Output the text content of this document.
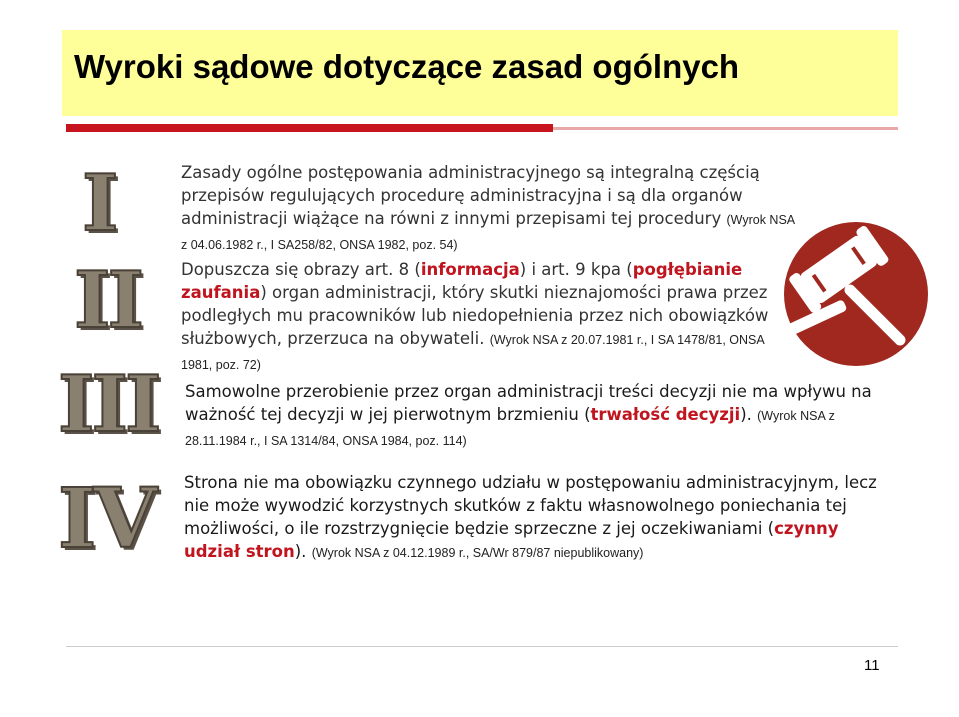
Wyroki sądowe dotyczące zasad ogólnych
I
II
III
IV
Zasady ogólne postępowania administracyjnego są integralną częścią przepisów regulujących procedurę administracyjna i są dla organów administracji wiążące na równi z innymi przepisami tej procedury (Wyrok NSA z 04.06.1982 r., I SA258/82, ONSA 1982, poz. 54)
Dopuszcza się obrazy art. 8 (informacja) i art. 9 kpa (pogłębianie zaufania) organ administracji, który skutki nieznajomości prawa przez podległych mu pracowników lub niedopełnienia przez nich obowiązków służbowych, przerzuca na obywateli. (Wyrok NSA z 20.07.1981 r., I SA 1478/81, ONSA 1981, poz. 72)
Samowolne przerobienie przez organ administracji treści decyzji nie ma wpływu na ważność tej decyzji w jej pierwotnym brzmieniu (trwałość decyzji). (Wyrok NSA z 28.11.1984 r., I SA 1314/84, ONSA 1984, poz. 114)
Strona nie ma obowiązku czynnego udziału w postępowaniu administracyjnym, lecz nie może wywodzić korzystnych skutków z faktu własnowolnego poniechania tej możliwości, o ile rozstrzygnięcie będzie sprzeczne z jej oczekiwaniami (czynny udział stron). (Wyrok NSA z 04.12.1989 r., SA/Wr 879/87 niepublikowany)
11
